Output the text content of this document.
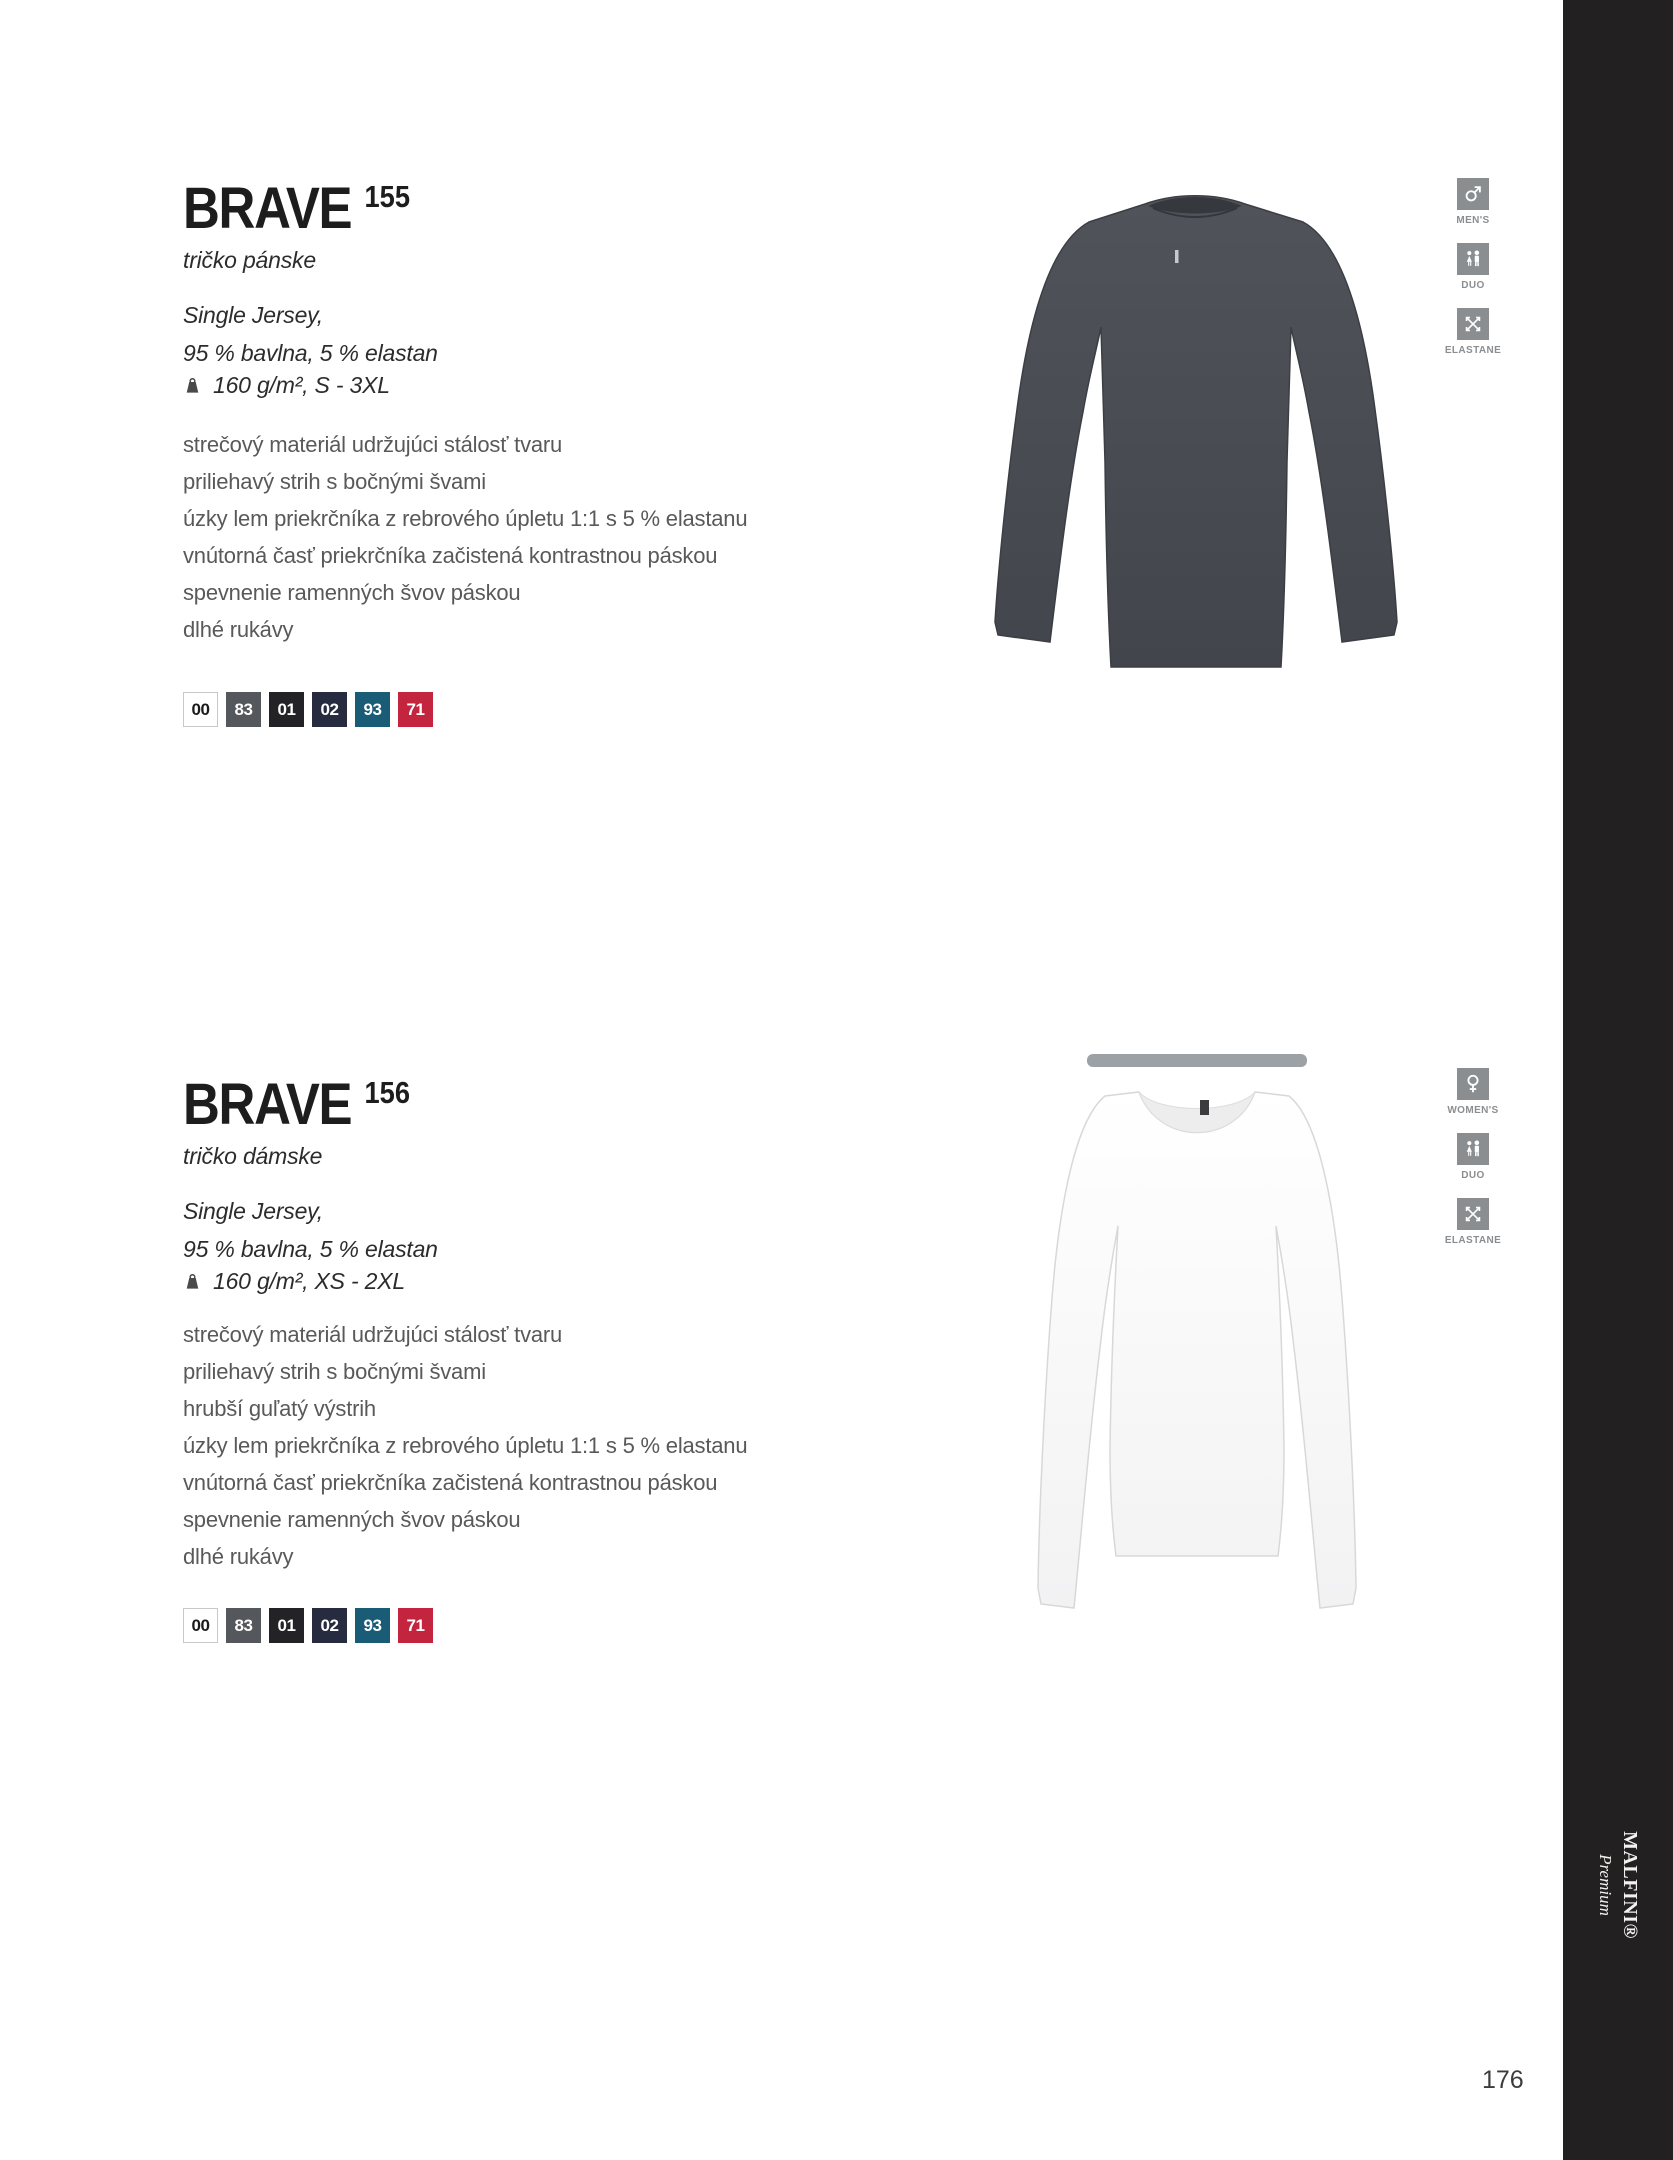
BRAVE 155
tričko pánske
Single Jersey,
95 % bavlna, 5 % elastan
160 g/m², S - 3XL
strečový materiál udržujúci stálosť tvaru
priliehavý strih s bočnými švami
úzky lem priekrčníka z rebrového úpletu 1:1 s 5 % elastanu
vnútorná časť priekrčníka začistená kontrastnou páskou
spevnenie ramenných švov páskou
dlhé rukávy
00	83	01	02	93	71
MEN'S
DUO
ELASTANE
BRAVE 156
tričko dámske
Single Jersey,
95 % bavlna, 5 % elastan
160 g/m², XS - 2XL
strečový materiál udržujúci stálosť tvaru
priliehavý strih s bočnými švami
hrubší guľatý výstrih
úzky lem priekrčníka z rebrového úpletu 1:1 s 5 % elastanu
vnútorná časť priekrčníka začistená kontrastnou páskou
spevnenie ramenných švov páskou
dlhé rukávy
00	83	01	02	93	71
WOMEN'S
DUO
ELASTANE
176
MALFINI®
Premium
